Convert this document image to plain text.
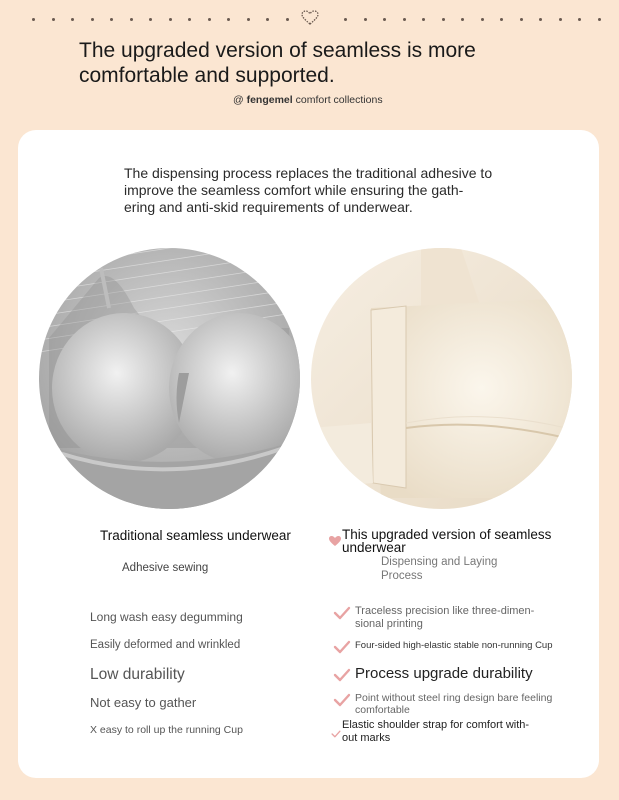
The upgraded version of seamless is more comfortable and supported.
@ fengemel comfort collections
The dispensing process replaces the traditional adhesive to improve the seamless comfort while ensuring the gath-ering and anti-skid requirements of underwear.
Traditional seamless underwear	This upgraded version of seamless underwear
Adhesive sewing	Dispensing and Laying Process
Long wash easy degumming
Easily deformed and wrinkled
Low durability
Not easy to gather
X easy to roll up the running Cup
Traceless precision like three-dimen-sional printing
Four-sided high-elastic stable non-running Cup
Process upgrade durability
Point without steel ring design bare feeling comfortable
Elastic shoulder strap for comfort with-out marks
